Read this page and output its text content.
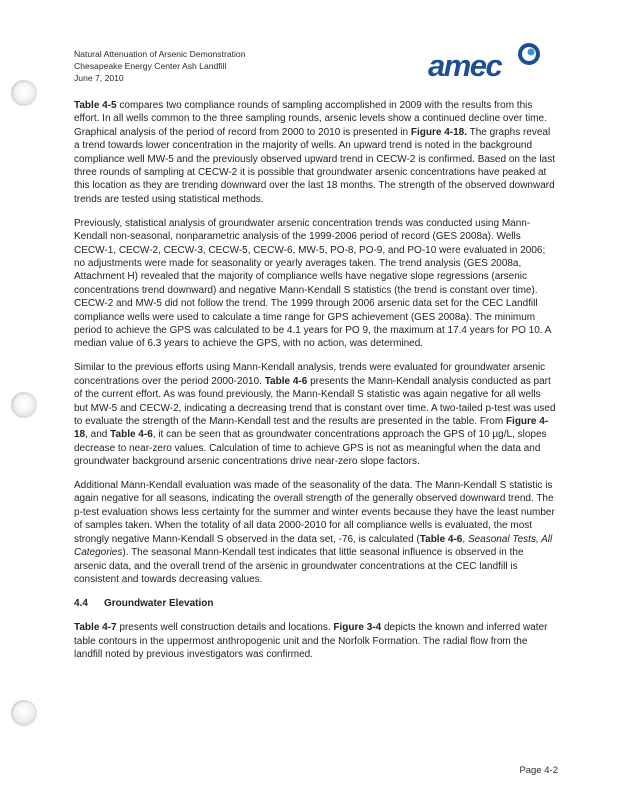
Natural Attenuation of Arsenic Demonstration
Chesapeake Energy Center Ash Landfill
June 7, 2010	amec

Table 4-5 compares two compliance rounds of sampling accomplished in 2009 with the results from this effort. In all wells common to the three sampling rounds, arsenic levels show a continued decline over time. Graphical analysis of the period of record from 2000 to 2010 is presented in Figure 4-18. The graphs reveal a trend towards lower concentration in the majority of wells. An upward trend is noted in the background compliance well MW-5 and the previously observed upward trend in CECW-2 is confirmed. Based on the last three rounds of sampling at CECW-2 it is possible that groundwater arsenic concentrations have peaked at this location as they are trending downward over the last 18 months. The strength of the observed downward trends are tested using statistical methods.

Previously, statistical analysis of groundwater arsenic concentration trends was conducted using Mann-Kendall non-seasonal, nonparametric analysis of the 1999-2006 period of record (GES 2008a). Wells CECW-1, CECW-2, CECW-3, CECW-5, CECW-6, MW-5, PO-8, PO-9, and PO-10 were evaluated in 2006; no adjustments were made for seasonality or yearly averages taken. The trend analysis (GES 2008a, Attachment H) revealed that the majority of compliance wells have negative slope regressions (arsenic concentrations trend downward) and negative Mann-Kendall S statistics (the trend is constant over time). CECW-2 and MW-5 did not follow the trend. The 1999 through 2006 arsenic data set for the CEC Landfill compliance wells were used to calculate a time range for GPS achievement (GES 2008a). The minimum period to achieve the GPS was calculated to be 4.1 years for PO 9, the maximum at 17.4 years for PO 10. A median value of 6.3 years to achieve the GPS, with no action, was determined.

Similar to the previous efforts using Mann-Kendall analysis, trends were evaluated for groundwater arsenic concentrations over the period 2000-2010. Table 4-6 presents the Mann-Kendall analysis conducted as part of the current effort. As was found previously, the Mann-Kendall S statistic was again negative for all wells but MW-5 and CECW-2, indicating a decreasing trend that is constant over time. A two-tailed p-test was used to evaluate the strength of the Mann-Kendall test and the results are presented in the table. From Figure 4-18, and Table 4-6, it can be seen that as groundwater concentrations approach the GPS of 10 µg/L, slopes decrease to near-zero values. Calculation of time to achieve GPS is not as meaningful when the data and groundwater background arsenic concentrations drive near-zero slope factors.

Additional Mann-Kendall evaluation was made of the seasonality of the data. The Mann-Kendall S statistic is again negative for all seasons, indicating the overall strength of the generally observed downward trend. The p-test evaluation shows less certainty for the summer and winter events because they have the least number of samples taken. When the totality of all data 2000-2010 for all compliance wells is evaluated, the most strongly negative Mann-Kendall S observed in the data set, -76, is calculated (Table 4-6, Seasonal Tests, All Categories). The seasonal Mann-Kendall test indicates that little seasonal influence is observed in the arsenic data, and the overall trend of the arsenic in groundwater concentrations at the CEC landfill is consistent and towards decreasing values.

4.4 Groundwater Elevation

Table 4-7 presents well construction details and locations. Figure 3-4 depicts the known and inferred water table contours in the uppermost anthropogenic unit and the Norfolk Formation. The radial flow from the landfill noted by previous investigators was confirmed.

Page 4-2
